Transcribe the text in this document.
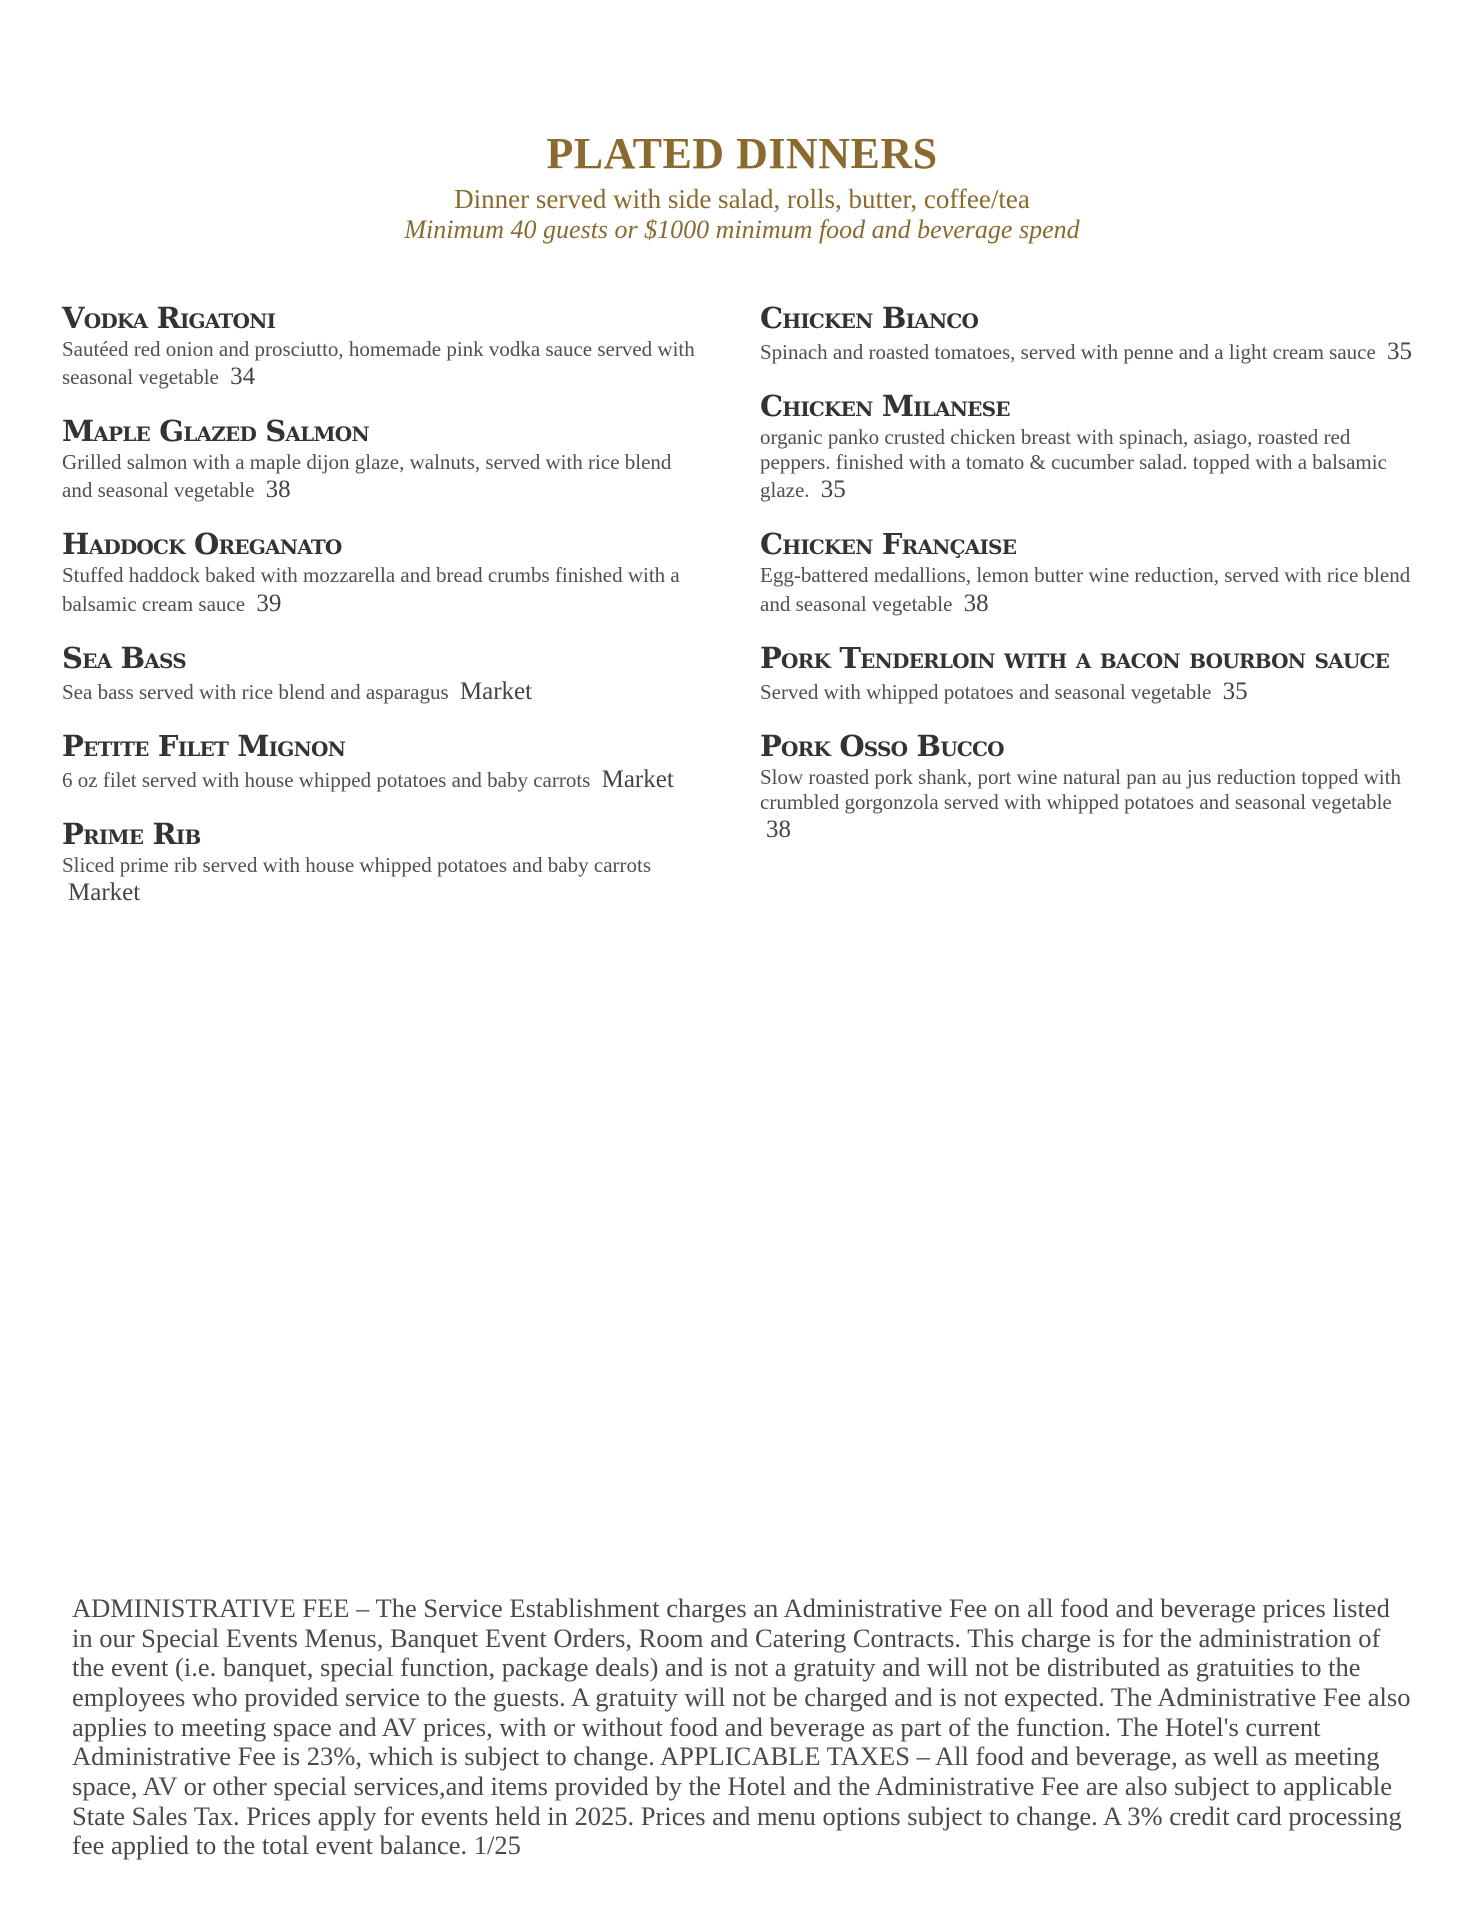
PLATED DINNERS

Dinner served with side salad, rolls, butter, coffee/tea

Minimum 40 guests or $1000 minimum food and beverage spend

Vodka Rigatoni

Sautéed red onion and prosciutto, homemade pink vodka sauce served with seasonal vegetable 34

Maple Glazed Salmon

Grilled salmon with a maple dijon glaze, walnuts, served with rice blend and seasonal vegetable 38

Haddock Oreganato

Stuffed haddock baked with mozzarella and bread crumbs finished with a balsamic cream sauce 39

Sea Bass

Sea bass served with rice blend and asparagus Market

Petite Filet Mignon

6 oz filet served with house whipped potatoes and baby carrots Market

Prime Rib

Sliced prime rib served with house whipped potatoes and baby carrots Market

Chicken Bianco

Spinach and roasted tomatoes, served with penne and a light cream sauce 35

Chicken Milanese

organic panko crusted chicken breast with spinach, asiago, roasted red peppers. finished with a tomato & cucumber salad. topped with a balsamic glaze. 35

Chicken Française

Egg-battered medallions, lemon butter wine reduction, served with rice blend and seasonal vegetable 38

Pork Tenderloin with a bacon bourbon sauce

Served with whipped potatoes and seasonal vegetable 35

Pork Osso Bucco

Slow roasted pork shank, port wine natural pan au jus reduction topped with crumbled gorgonzola served with whipped potatoes and seasonal vegetable 38

ADMINISTRATIVE FEE – The Service Establishment charges an Administrative Fee on all food and beverage prices listed in our Special Events Menus, Banquet Event Orders, Room and Catering Contracts. This charge is for the administration of the event (i.e. banquet, special function, package deals) and is not a gratuity and will not be distributed as gratuities to the employees who provided service to the guests. A gratuity will not be charged and is not expected. The Administrative Fee also applies to meeting space and AV prices, with or without food and beverage as part of the function. The Hotel's current Administrative Fee is 23%, which is subject to change. APPLICABLE TAXES – All food and beverage, as well as meeting space, AV or other special services,and items provided by the Hotel and the Administrative Fee are also subject to applicable State Sales Tax. Prices apply for events held in 2025. Prices and menu options subject to change. A 3% credit card processing fee applied to the total event balance. 1/25
